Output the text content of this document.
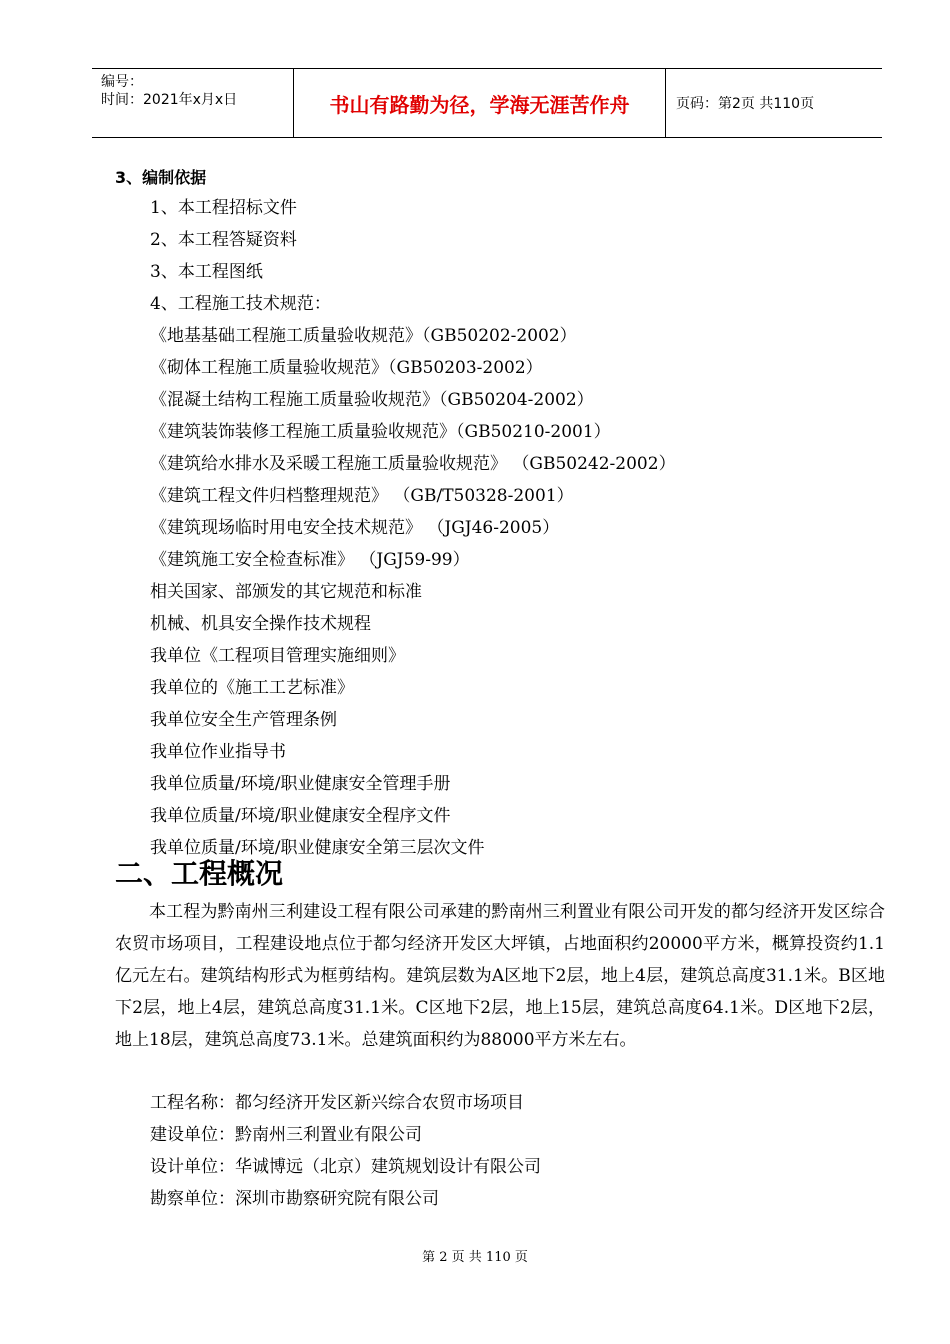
编号：
时间：2021年x月x日	书山有路勤为径，学海无涯苦作舟	页码：第2页 共110页
3、编制依据
1、本工程招标文件
2、本工程答疑资料
3、本工程图纸
4、工程施工技术规范：
《地基基础工程施工质量验收规范》（GB50202-2002）
《砌体工程施工质量验收规范》（GB50203-2002）
《混凝土结构工程施工质量验收规范》（GB50204-2002）
《建筑装饰装修工程施工质量验收规范》（GB50210-2001）
《建筑给水排水及采暖工程施工质量验收规范》 （GB50242-2002）
《建筑工程文件归档整理规范》 （GB/T50328-2001）
《建筑现场临时用电安全技术规范》 （JGJ46-2005）
《建筑施工安全检查标准》 （JGJ59-99）
相关国家、部颁发的其它规范和标准
机械、机具安全操作技术规程
我单位《工程项目管理实施细则》
我单位的《施工工艺标准》
我单位安全生产管理条例
我单位作业指导书
我单位质量/环境/职业健康安全管理手册
我单位质量/环境/职业健康安全程序文件
我单位质量/环境/职业健康安全第三层次文件
二、工程概况

本工程为黔南州三利建设工程有限公司承建的黔南州三利置业有限公司开发的都匀经济开发区综合农贸市场项目，工程建设地点位于都匀经济开发区大坪镇，占地面积约20000平方米，概算投资约1.1亿元左右。建筑结构形式为框剪结构。建筑层数为A区地下2层，地上4层，建筑总高度31.1米。B区地下2层，地上4层，建筑总高度31.1米。C区地下2层，地上15层，建筑总高度64.1米。D区地下2层，地上18层，建筑总高度73.1米。总建筑面积约为88000平方米左右。

工程名称：都匀经济开发区新兴综合农贸市场项目
建设单位：黔南州三利置业有限公司
设计单位：华诚博远（北京）建筑规划设计有限公司
勘察单位：深圳市勘察研究院有限公司
第 2 页 共 110 页
